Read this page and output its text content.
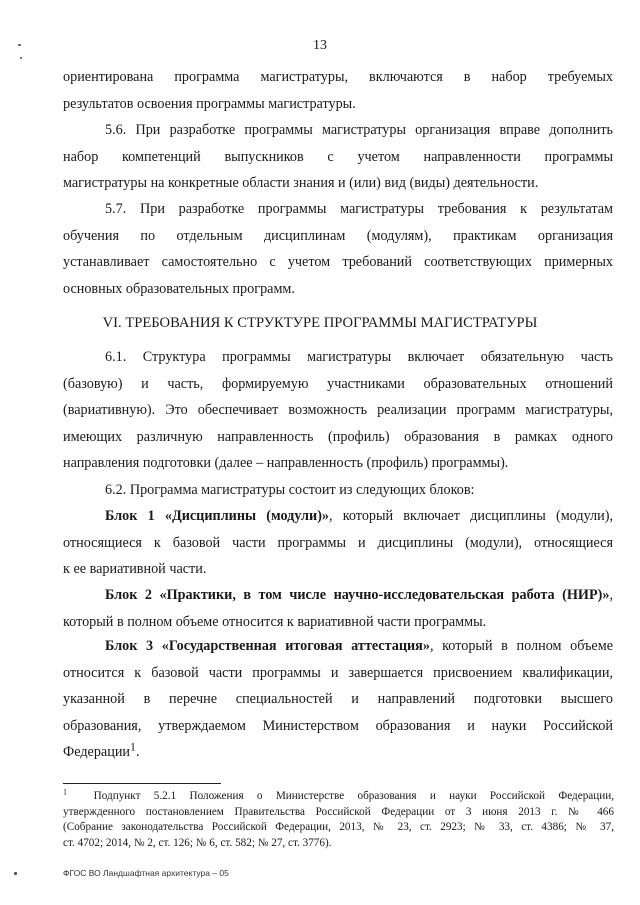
13
ориентирована программа магистратуры, включаются в набор требуемых
результатов освоения программы магистратуры.
5.6. При разработке программы магистратуры организация вправе дополнить
набор компетенций выпускников с учетом направленности программы
магистратуры на конкретные области знания и (или) вид (виды) деятельности.
5.7. При разработке программы магистратуры требования к результатам
обучения по отдельным дисциплинам (модулям), практикам организация
устанавливает самостоятельно с учетом требований соответствующих примерных
основных образовательных программ.
VI. ТРЕБОВАНИЯ К СТРУКТУРЕ ПРОГРАММЫ МАГИСТРАТУРЫ
6.1. Структура программы магистратуры включает обязательную часть
(базовую) и часть, формируемую участниками образовательных отношений
(вариативную). Это обеспечивает возможность реализации программ магистратуры,
имеющих различную направленность (профиль) образования в рамках одного
направления подготовки (далее – направленность (профиль) программы).
6.2. Программа магистратуры состоит из следующих блоков:
Блок 1 «Дисциплины (модули)», который включает дисциплины (модули),
относящиеся к базовой части программы и дисциплины (модули), относящиеся
к ее вариативной части.
Блок 2 «Практики, в том числе научно-исследовательская работа (НИР)»,
который в полном объеме относится к вариативной части программы.
Блок 3 «Государственная итоговая аттестация», который в полном объеме
относится к базовой части программы и завершается присвоением квалификации,
указанной в перечне специальностей и направлений подготовки высшего
образования, утверждаемом Министерством образования и науки Российской
Федерации$^1$.
$^1$ Подпункт 5.2.1 Положения о Министерстве образования и науки Российской Федерации,
утвержденного постановлением Правительства Российской Федерации от 3 июня 2013 г. № 466
(Собрание законодательства Российской Федерации, 2013, № 23, ст. 2923; № 33, ст. 4386; № 37,
ст. 4702; 2014, № 2, ст. 126; № 6, ст. 582; № 27, ст. 3776).
ФГОС ВО Ландшафтная архитектура – 05
